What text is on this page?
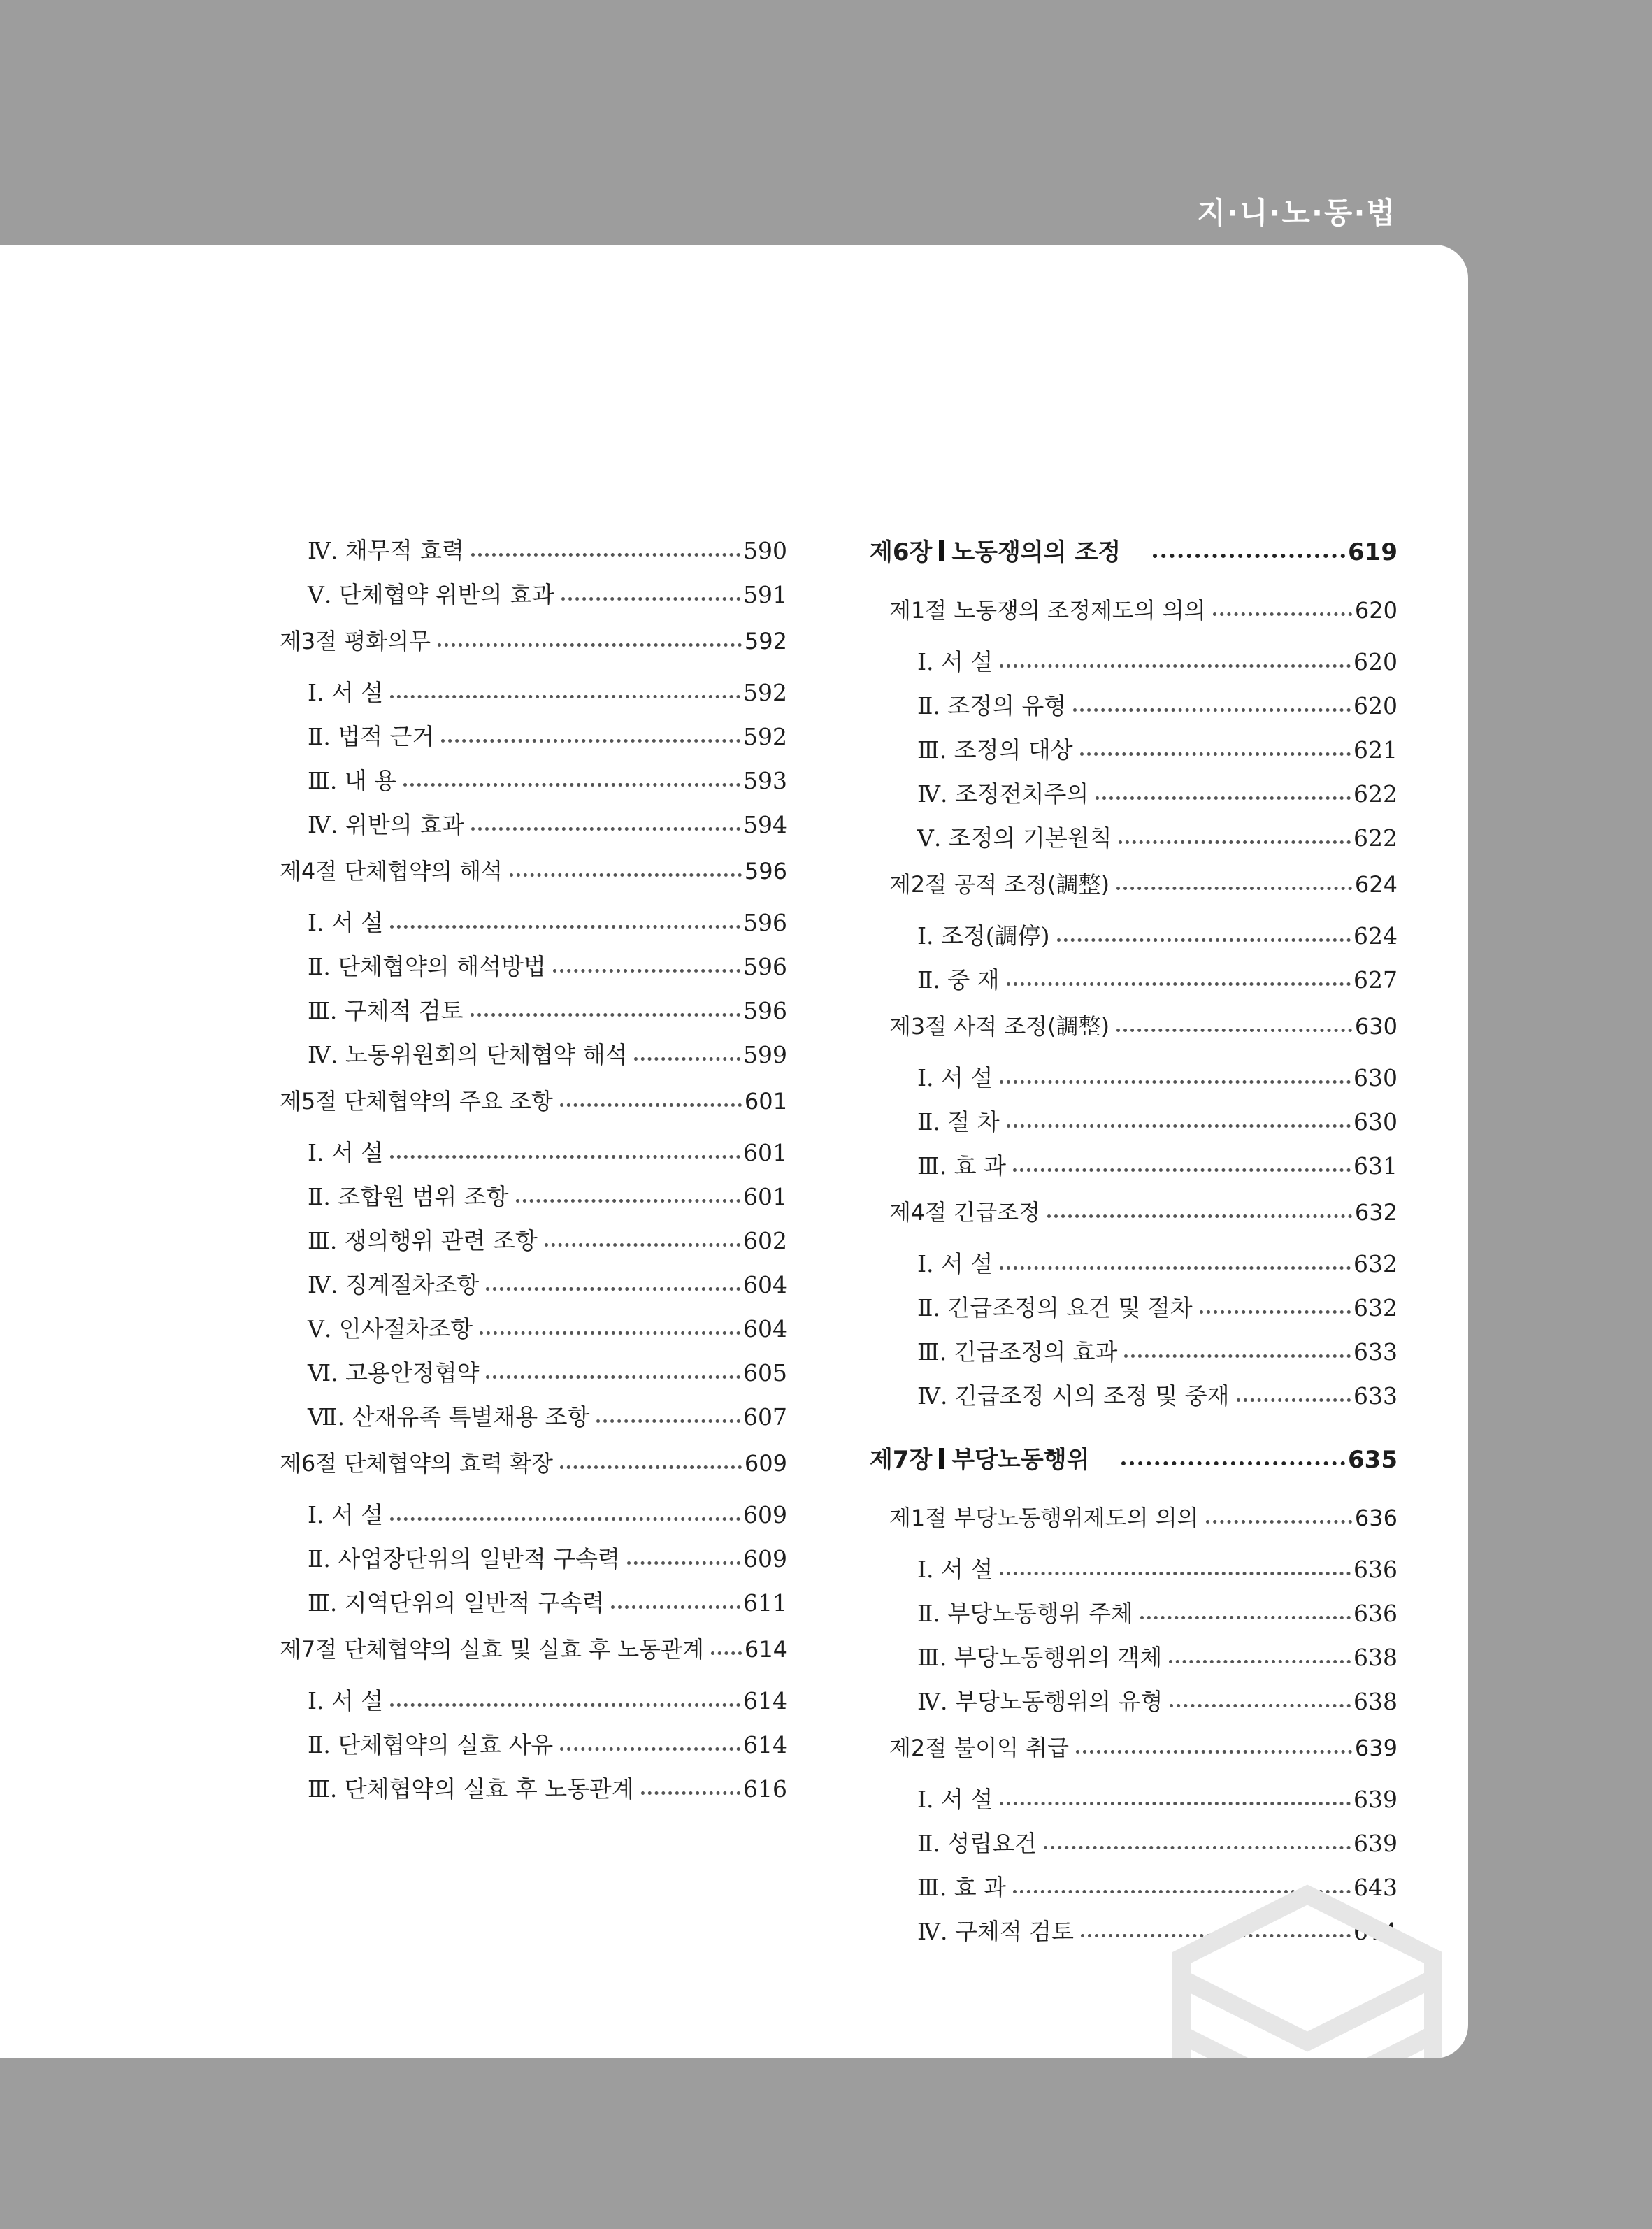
지·니·노·동·법
Ⅳ. 채무적 효력	590
Ⅴ. 단체협약 위반의 효과	591
제3절 평화의무	592
Ⅰ. 서 설	592
Ⅱ. 법적 근거	592
Ⅲ. 내 용	593
Ⅳ. 위반의 효과	594
제4절 단체협약의 해석	596
Ⅰ. 서 설	596
Ⅱ. 단체협약의 해석방법	596
Ⅲ. 구체적 검토	596
Ⅳ. 노동위원회의 단체협약 해석	599
제5절 단체협약의 주요 조항	601
Ⅰ. 서 설	601
Ⅱ. 조합원 범위 조항	601
Ⅲ. 쟁의행위 관련 조항	602
Ⅳ. 징계절차조항	604
Ⅴ. 인사절차조항	604
Ⅵ. 고용안정협약	605
Ⅶ. 산재유족 특별채용 조항	607
제6절 단체협약의 효력 확장	609
Ⅰ. 서 설	609
Ⅱ. 사업장단위의 일반적 구속력	609
Ⅲ. 지역단위의 일반적 구속력	611
제7절 단체협약의 실효 및 실효 후 노동관계 614
Ⅰ. 서 설	614
Ⅱ. 단체협약의 실효 사유	614
Ⅲ. 단체협약의 실효 후 노동관계	616
제6장 노동쟁의의 조정	619
제1절 노동쟁의 조정제도의 의의	620
Ⅰ. 서 설	620
Ⅱ. 조정의 유형	620
Ⅲ. 조정의 대상	621
Ⅳ. 조정전치주의	622
Ⅴ. 조정의 기본원칙	622
제2절 공적 조정(調整)	624
Ⅰ. 조정(調停)	624
Ⅱ. 중 재	627
제3절 사적 조정(調整)	630
Ⅰ. 서 설	630
Ⅱ. 절 차	630
Ⅲ. 효 과	631
제4절 긴급조정	632
Ⅰ. 서 설	632
Ⅱ. 긴급조정의 요건 및 절차	632
Ⅲ. 긴급조정의 효과	633
Ⅳ. 긴급조정 시의 조정 및 중재	633
제7장 부당노동행위	635
제1절 부당노동행위제도의 의의	636
Ⅰ. 서 설	636
Ⅱ. 부당노동행위 주체	636
Ⅲ. 부당노동행위의 객체	638
Ⅳ. 부당노동행위의 유형	638
제2절 불이익 취급	639
Ⅰ. 서 설	639
Ⅱ. 성립요건	639
Ⅲ. 효 과	643
Ⅳ. 구체적 검토	644
